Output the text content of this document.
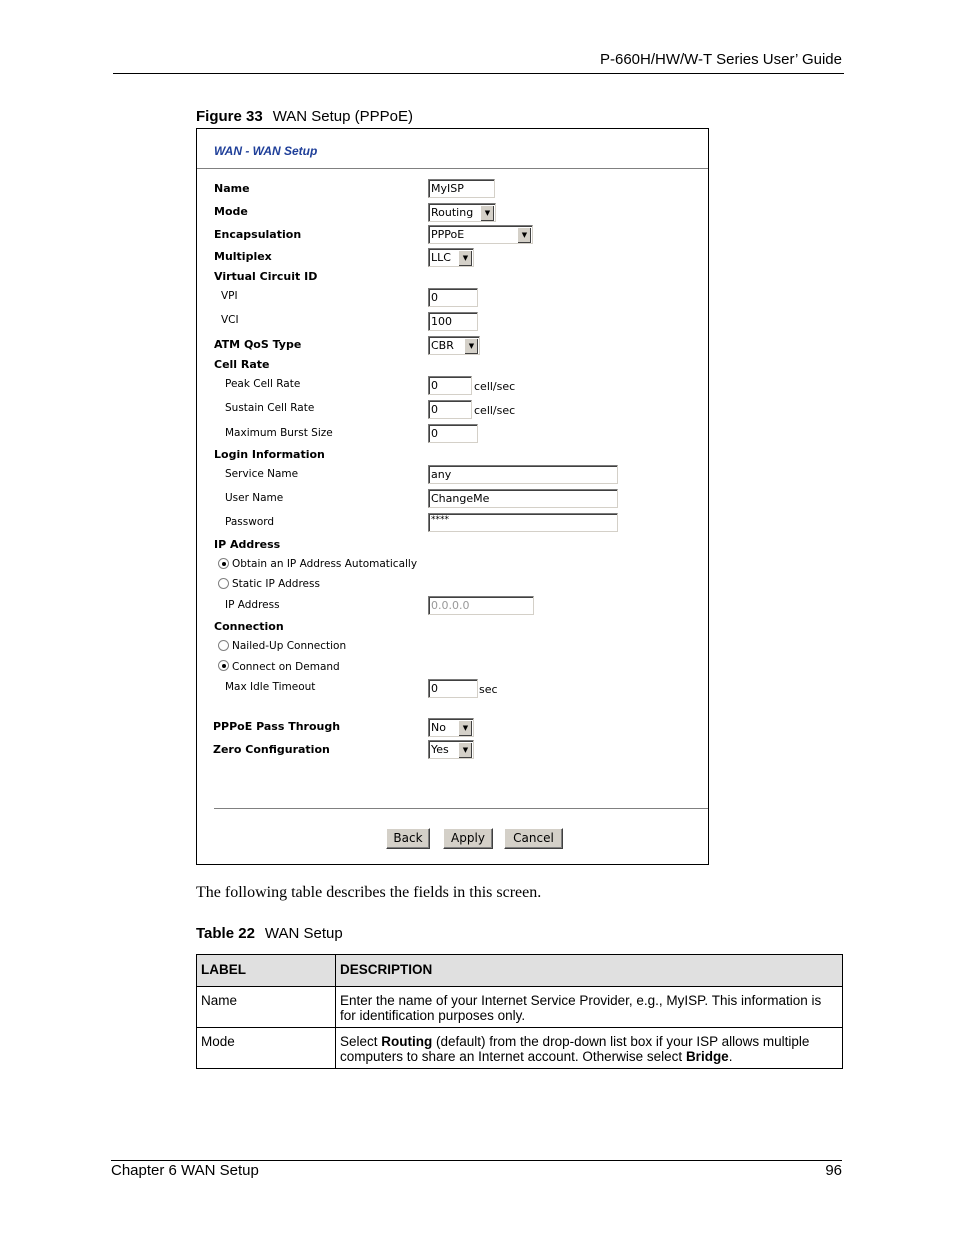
P-660H/HW/W-T Series User’ Guide
Figure 33 WAN Setup (PPPoE)
WAN - WAN Setup
Name	MyISP
Mode	Routing	▼
Encapsulation	PPPoE	▼
Multiplex	LLC	▼
Virtual Circuit ID
VPI	0
VCI	100
ATM QoS Type	CBR	▼
Cell Rate
Peak Cell Rate	0	cell/sec
Sustain Cell Rate	0	cell/sec
Maximum Burst Size	0
Login Information
Service Name	any
User Name	ChangeMe
Password	****
IP Address
Obtain an IP Address Automatically
Static IP Address
IP Address	0.0.0.0
Connection
Nailed-Up Connection
Connect on Demand
Max Idle Timeout	0	sec
PPPoE Pass Through	No	▼
Zero Configuration	Yes	▼
Back	Apply	Cancel
The following table describes the fields in this screen.
Table 22 WAN Setup
LABEL	DESCRIPTION
Name	Enter the name of your Internet Service Provider, e.g., MyISP. This information is for identification purposes only.
Mode	Select Routing (default) from the drop-down list box if your ISP allows multiple computers to share an Internet account. Otherwise select Bridge.
Chapter 6 WAN Setup	96
